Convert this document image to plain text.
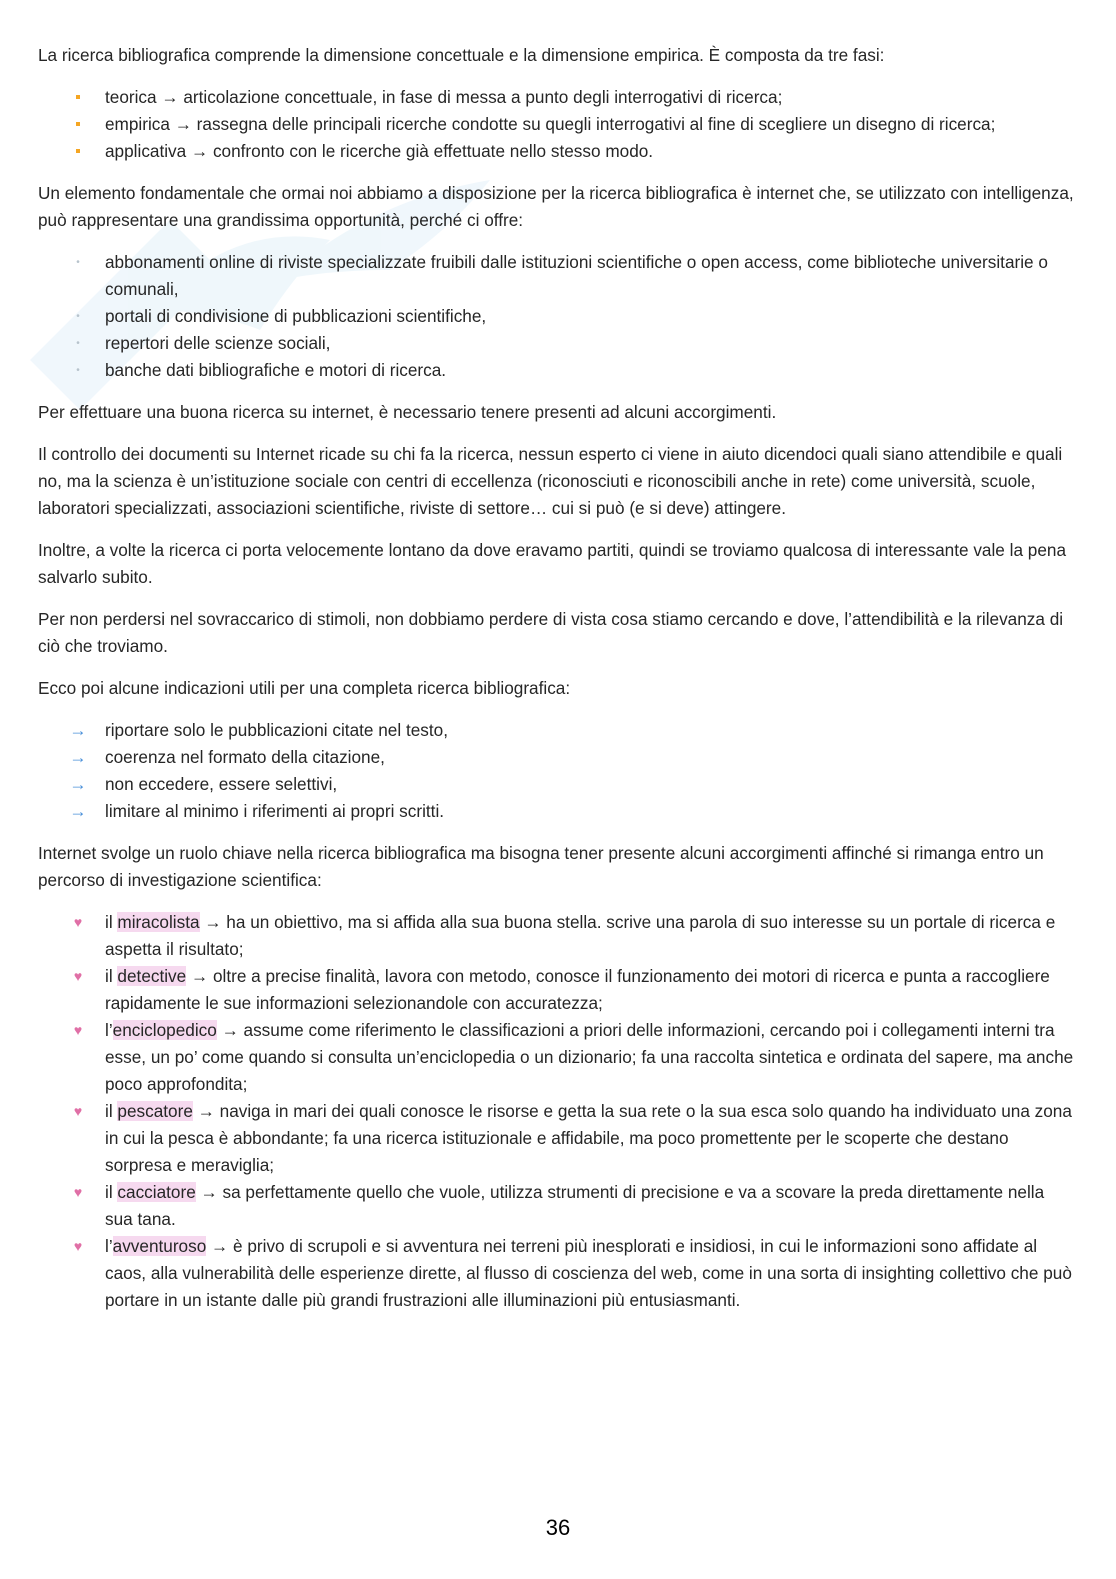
La ricerca bibliografica comprende la dimensione concettuale e la dimensione empirica. È composta da tre fasi:

teorica → articolazione concettuale, in fase di messa a punto degli interrogativi di ricerca;
empirica → rassegna delle principali ricerche condotte su quegli interrogativi al fine di scegliere un disegno di ricerca;
applicativa → confronto con le ricerche già effettuate nello stesso modo.

Un elemento fondamentale che ormai noi abbiamo a disposizione per la ricerca bibliografica è internet che, se utilizzato con intelligenza, può rappresentare una grandissima opportunità, perché ci offre:

•	abbonamenti online di riviste specializzate fruibili dalle istituzioni scientifiche o open access, come biblioteche universitarie o comunali,
•	portali di condivisione di pubblicazioni scientifiche,
•	repertori delle scienze sociali,
•	banche dati bibliografiche e motori di ricerca.

Per effettuare una buona ricerca su internet, è necessario tenere presenti ad alcuni accorgimenti.

Il controllo dei documenti su Internet ricade su chi fa la ricerca, nessun esperto ci viene in aiuto dicendoci quali siano attendibile e quali no, ma la scienza è un’istituzione sociale con centri di eccellenza (riconosciuti e riconoscibili anche in rete) come università, scuole, laboratori specializzati, associazioni scientifiche, riviste di settore… cui si può (e si deve) attingere.

Inoltre, a volte la ricerca ci porta velocemente lontano da dove eravamo partiti, quindi se troviamo qualcosa di interessante vale la pena salvarlo subito.

Per non perdersi nel sovraccarico di stimoli, non dobbiamo perdere di vista cosa stiamo cercando e dove, l’attendibilità e la rilevanza di ciò che troviamo.

Ecco poi alcune indicazioni utili per una completa ricerca bibliografica:

→ riportare solo le pubblicazioni citate nel testo,
→ coerenza nel formato della citazione,
→ non eccedere, essere selettivi,
→ limitare al minimo i riferimenti ai propri scritti.

Internet svolge un ruolo chiave nella ricerca bibliografica ma bisogna tener presente alcuni accorgimenti affinché si rimanga entro un percorso di investigazione scientifica:

♥	il miracolista → ha un obiettivo, ma si affida alla sua buona stella. scrive una parola di suo interesse su un portale di ricerca e aspetta il risultato;
♥	il detective → oltre a precise finalità, lavora con metodo, conosce il funzionamento dei motori di ricerca e punta a raccogliere rapidamente le sue informazioni selezionandole con accuratezza;
♥	l’enciclopedico → assume come riferimento le classificazioni a priori delle informazioni, cercando poi i collegamenti interni tra esse, un po’ come quando si consulta un’enciclopedia o un dizionario; fa una raccolta sintetica e ordinata del sapere, ma anche poco approfondita;
♥	il pescatore → naviga in mari dei quali conosce le risorse e getta la sua rete o la sua esca solo quando ha individuato una zona in cui la pesca è abbondante; fa una ricerca istituzionale e affidabile, ma poco promettente per le scoperte che destano sorpresa e meraviglia;
♥	il cacciatore → sa perfettamente quello che vuole, utilizza strumenti di precisione e va a scovare la preda direttamente nella sua tana.
♥	l’avventuroso → è privo di scrupoli e si avventura nei terreni più inesplorati e insidiosi, in cui le informazioni sono affidate al caos, alla vulnerabilità delle esperienze dirette, al flusso di coscienza del web, come in una sorta di insighting collettivo che può portare in un istante dalle più grandi frustrazioni alle illuminazioni più entusiasmanti.
36
